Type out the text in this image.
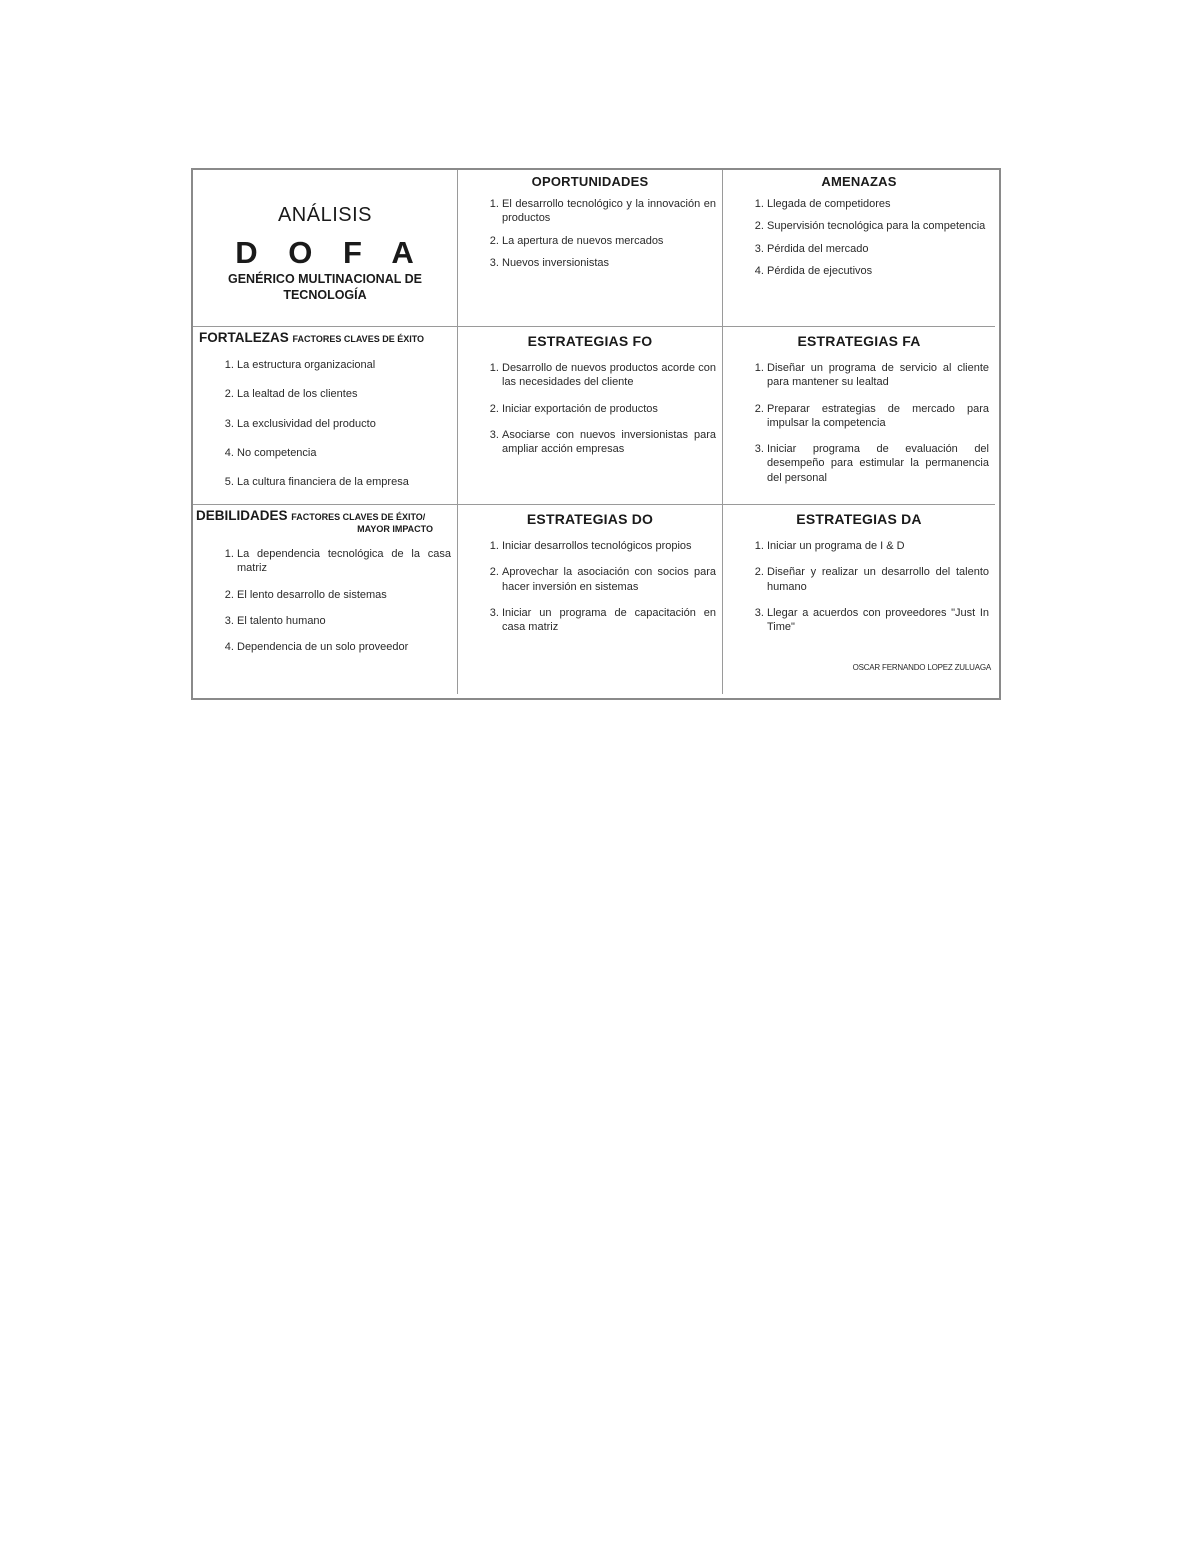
ANÁLISIS
D O F A
GENÉRICO MULTINACIONAL DE TECNOLOGÍA
OPORTUNIDADES
1. El desarrollo tecnológico y la innovación en productos
2. La apertura de nuevos mercados
3. Nuevos inversionistas
AMENAZAS
1. Llegada de competidores
2. Supervisión tecnológica para la competencia
3. Pérdida del mercado
4. Pérdida de ejecutivos
FORTALEZAS FACTORES CLAVES DE ÉXITO
1. La estructura organizacional
2. La lealtad de los clientes
3. La exclusividad del producto
4. No competencia
5. La cultura financiera de la empresa
ESTRATEGIAS FO
1. Desarrollo de nuevos productos acorde con las necesidades del cliente
2. Iniciar exportación de productos
3. Asociarse con nuevos inversionistas para ampliar acción empresas
ESTRATEGIAS FA
1. Diseñar un programa de servicio al cliente para mantener su lealtad
2. Preparar estrategias de mercado para impulsar la competencia
3. Iniciar programa de evaluación del desempeño para estimular la permanencia del personal
DEBILIDADES FACTORES CLAVES DE ÉXITO/
MAYOR IMPACTO
1. La dependencia tecnológica de la casa matriz
2. El lento desarrollo de sistemas
3. El talento humano
4. Dependencia de un solo proveedor
ESTRATEGIAS DO
1. Iniciar desarrollos tecnológicos propios
2. Aprovechar la asociación con socios para hacer inversión en sistemas
3. Iniciar un programa de capacitación en casa matriz
ESTRATEGIAS DA
1. Iniciar un programa de I & D
2. Diseñar y realizar un desarrollo del talento humano
3. Llegar a acuerdos con proveedores "Just In Time"
OSCAR FERNANDO LOPEZ ZULUAGA
